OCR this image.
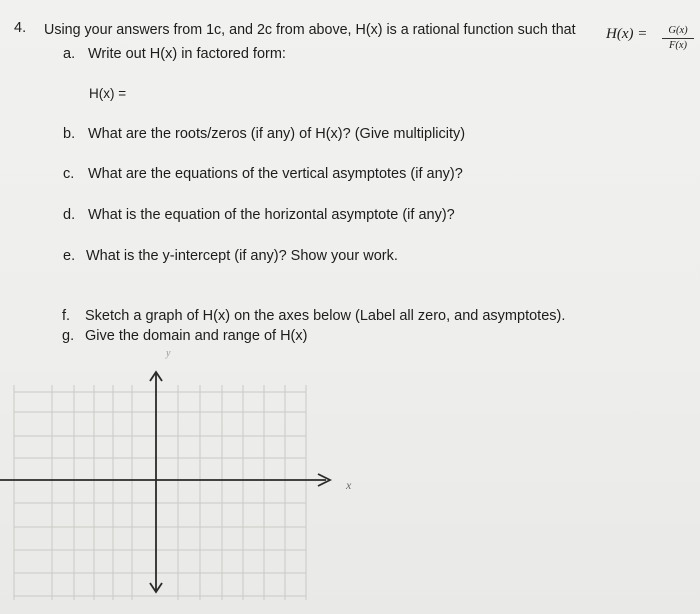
4. Using your answers from 1c, and 2c from above, H(x) is a rational function such that H(x) =	G(x)
F(x)
a. Write out H(x) in factored form:
H(x) =
b. What are the roots/zeros (if any) of H(x)? (Give multiplicity)
c. What are the equations of the vertical asymptotes (if any)?
d. What is the equation of the horizontal asymptote (if any)?
e. What is the y-intercept (if any)? Show your work.
f. Sketch a graph of H(x) on the axes below (Label all zero, and asymptotes).
g. Give the domain and range of H(x)
x
y
